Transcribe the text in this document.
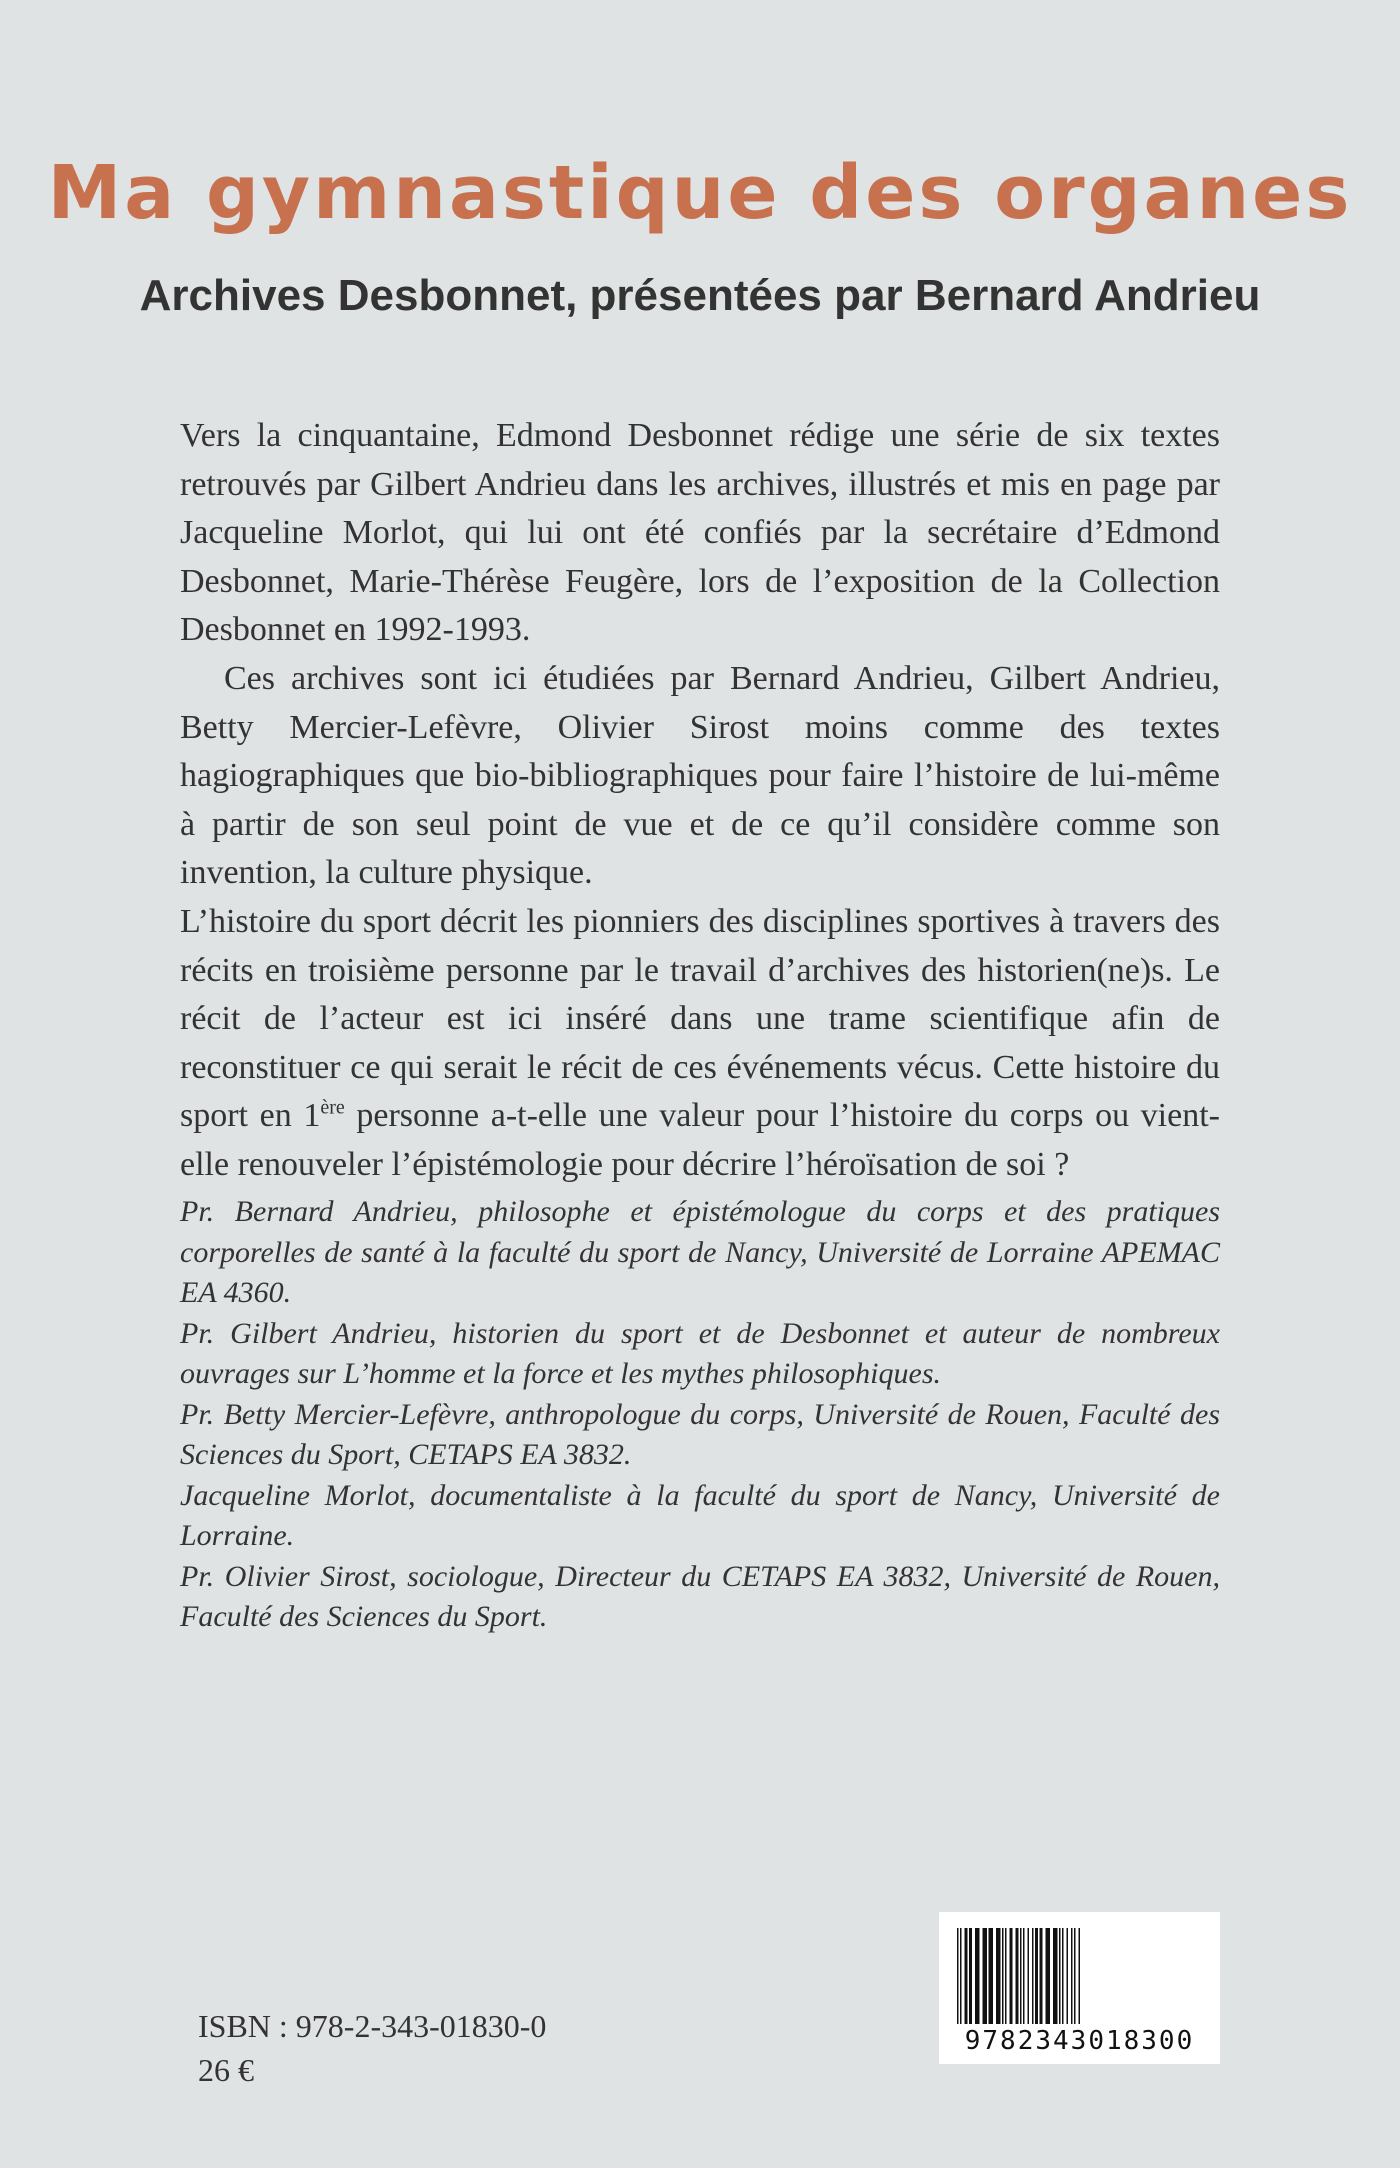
Ma gymnastique des organes
Archives Desbonnet, présentées par Bernard Andrieu

Vers la cinquantaine, Edmond Desbonnet rédige une série de six textes retrouvés par Gilbert Andrieu dans les archives, illustrés et mis en page par Jacqueline Morlot, qui lui ont été confiés par la secrétaire d’Edmond Desbonnet, Marie-Thérèse Feugère, lors de l’exposition de la Collection Desbonnet en 1992-1993.

Ces archives sont ici étudiées par Bernard Andrieu, Gilbert Andrieu, Betty Mercier-Lefèvre, Olivier Sirost moins comme des textes hagiographiques que bio-bibliographiques pour faire l’histoire de lui-même à partir de son seul point de vue et de ce qu’il considère comme son invention, la culture physique.

L’histoire du sport décrit les pionniers des disciplines sportives à travers des récits en troisième personne par le travail d’archives des historien(ne)s. Le récit de l’acteur est ici inséré dans une trame scientifique afin de reconstituer ce qui serait le récit de ces événements vécus. Cette histoire du sport en 1ère personne a-t-elle une valeur pour l’histoire du corps ou vient-elle renouveler l’épistémologie pour décrire l’héroïsation de soi ?

Pr. Bernard Andrieu, philosophe et épistémologue du corps et des pratiques corporelles de santé à la faculté du sport de Nancy, Université de Lorraine APEMAC EA 4360.

Pr. Gilbert Andrieu, historien du sport et de Desbonnet et auteur de nombreux ouvrages sur L’homme et la force et les mythes philosophiques.

Pr. Betty Mercier-Lefèvre, anthropologue du corps, Université de Rouen, Faculté des Sciences du Sport, CETAPS EA 3832.

Jacqueline Morlot, documentaliste à la faculté du sport de Nancy, Université de Lorraine.

Pr. Olivier Sirost, sociologue, Directeur du CETAPS EA 3832, Université de Rouen, Faculté des Sciences du Sport.

ISBN : 978-2-343-01830-0
26 €
9782343018300
